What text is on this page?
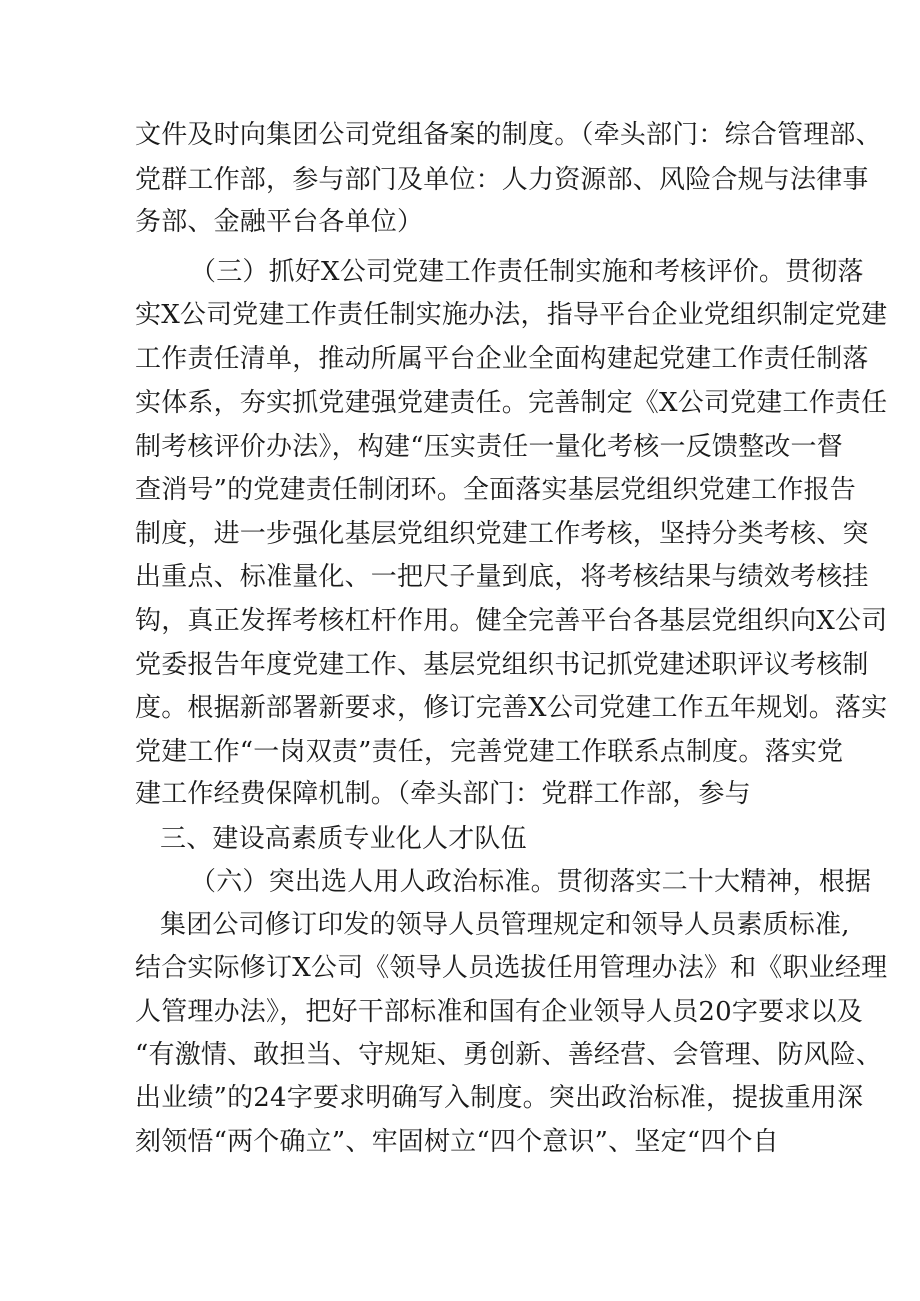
文件及时向集团公司党组备案的制度。（牵头部门：综合管理部、
党群工作部，参与部门及单位：人力资源部、风险合规与法律事
务部、金融平台各单位）
（三）抓好X公司党建工作责任制实施和考核评价。贯彻落
实X公司党建工作责任制实施办法，指导平台企业党组织制定党建
工作责任清单，推动所属平台企业全面构建起党建工作责任制落
实体系，夯实抓党建强党建责任。完善制定《X公司党建工作责任
制考核评价办法》，构建“压实责任一量化考核一反馈整改一督
查消号”的党建责任制闭环。全面落实基层党组织党建工作报告
制度，进一步强化基层党组织党建工作考核，坚持分类考核、突
出重点、标准量化、一把尺子量到底，将考核结果与绩效考核挂
钩，真正发挥考核杠杆作用。健全完善平台各基层党组织向X公司
党委报告年度党建工作、基层党组织书记抓党建述职评议考核制
度。根据新部署新要求，修订完善X公司党建工作五年规划。落实
党建工作“一岗双责”责任，完善党建工作联系点制度。落实党
建工作经费保障机制。（牵头部门：党群工作部，参与
三、建设高素质专业化人才队伍
（六）突出选人用人政治标准。贯彻落实二十大精神，根据
集团公司修订印发的领导人员管理规定和领导人员素质标准,
结合实际修订X公司《领导人员选拔任用管理办法》和《职业经理
人管理办法》，把好干部标准和国有企业领导人员20字要求以及
“有激情、敢担当、守规矩、勇创新、善经营、会管理、防风险、
出业绩”的24字要求明确写入制度。突出政治标准，提拔重用深
刻领悟“两个确立”、牢固树立“四个意识”、坚定“四个自
